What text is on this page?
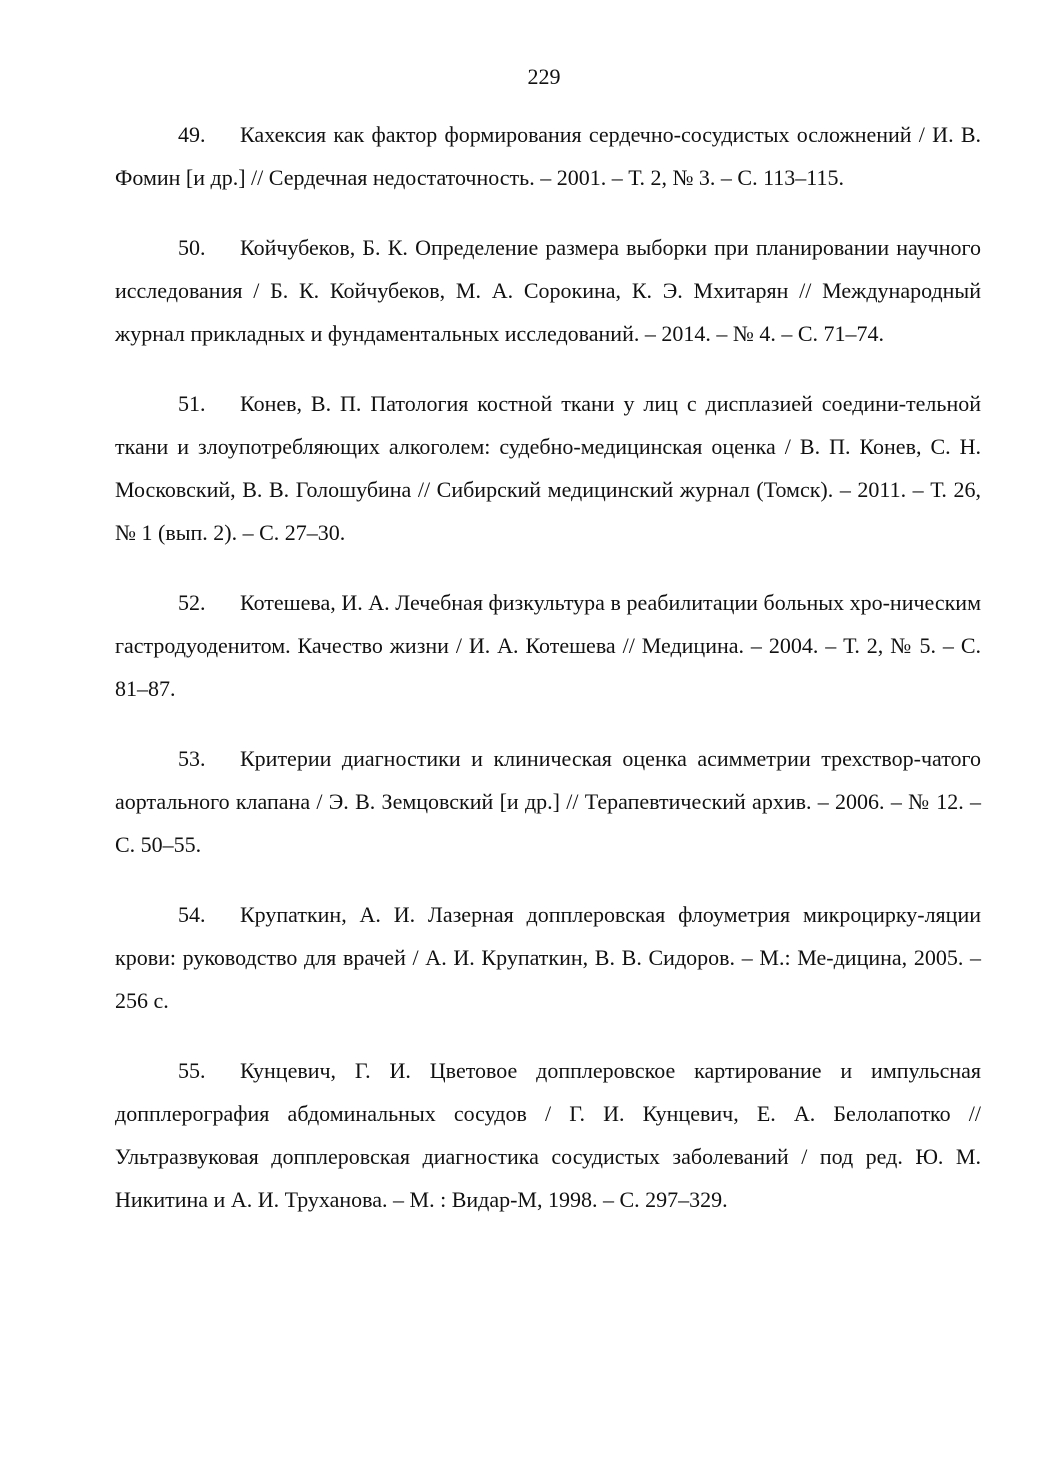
229

49. Кахексия как фактор формирования сердечно-сосудистых осложнений / И. В. Фомин [и др.] // Сердечная недостаточность. – 2001. – Т. 2, № 3. – С. 113–115.

50. Койчубеков, Б. К. Определение размера выборки при планировании научного исследования / Б. К. Койчубеков, М. А. Сорокина, К. Э. Мхитарян // Международный журнал прикладных и фундаментальных исследований. – 2014. – № 4. – С. 71–74.

51. Конев, В. П. Патология костной ткани у лиц с дисплазией соедини-тельной ткани и злоупотребляющих алкоголем: судебно-медицинская оценка / В. П. Конев, С. Н. Московский, В. В. Голошубина // Сибирский медицинский журнал (Томск). – 2011. – Т. 26, № 1 (вып. 2). – С. 27–30.

52. Котешева, И. А. Лечебная физкультура в реабилитации больных хро-ническим гастродуоденитом. Качество жизни / И. А. Котешева // Медицина. – 2004. – Т. 2, № 5. – С. 81–87.

53. Критерии диагностики и клиническая оценка асимметрии трехствор-чатого аортального клапана / Э. В. Земцовский [и др.] // Терапевтический архив. – 2006. – № 12. – С. 50–55.

54. Крупаткин, А. И. Лазерная допплеровская флоуметрия микроцирку-ляции крови: руководство для врачей / А. И. Крупаткин, В. В. Сидоров. – М.: Ме-дицина, 2005. – 256 с.

55. Кунцевич, Г. И. Цветовое допплеровское картирование и импульсная допплерография абдоминальных сосудов / Г. И. Кунцевич, Е. А. Белолапотко // Ультразвуковая допплеровская диагностика сосудистых заболеваний / под ред. Ю. М. Никитина и А. И. Труханова. – М. : Видар-М, 1998. – С. 297–329.
